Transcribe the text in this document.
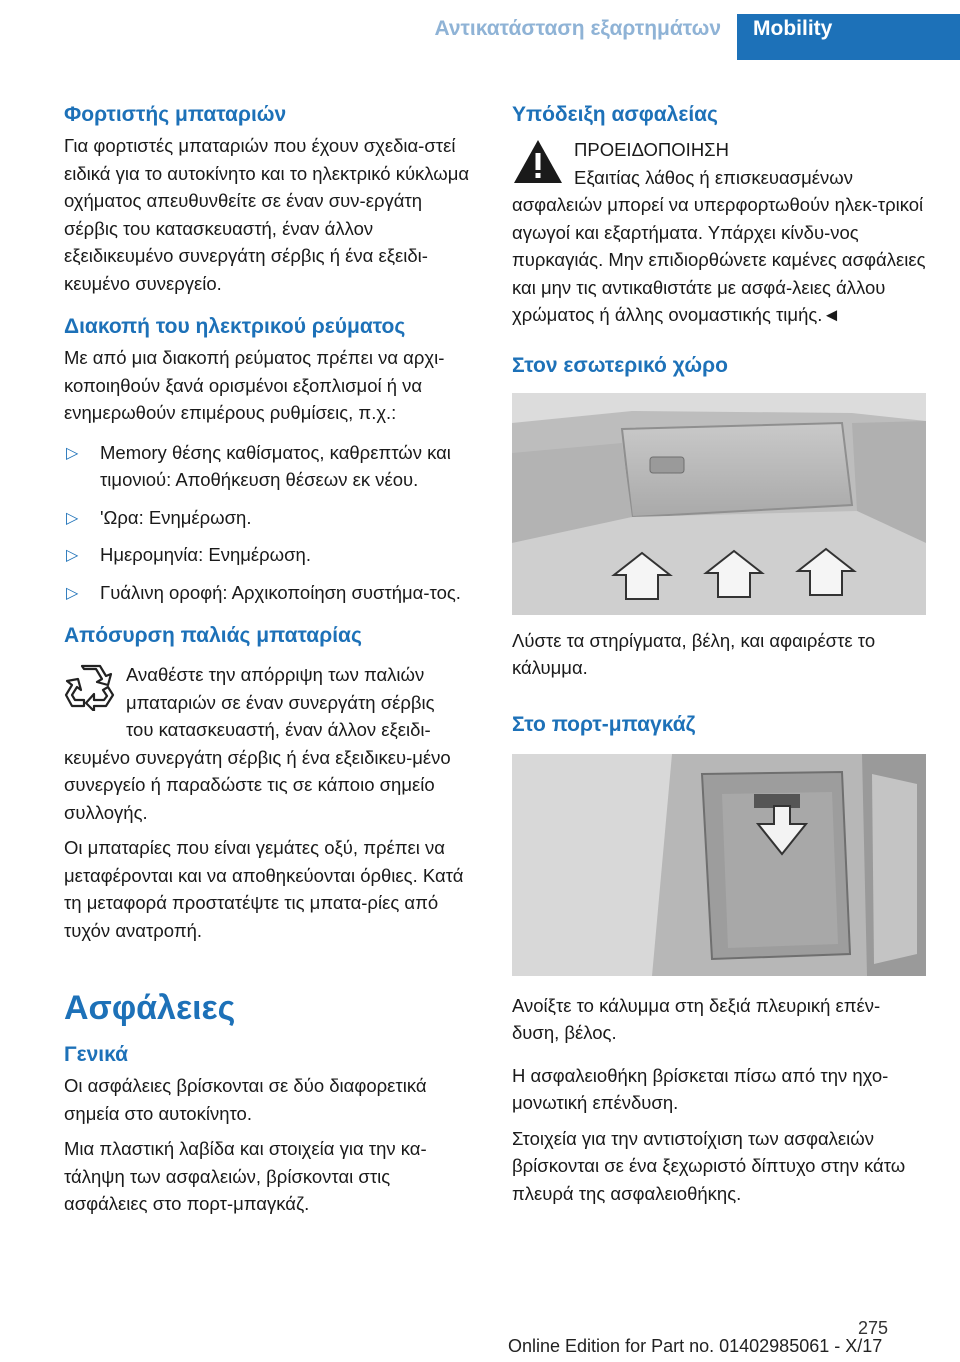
Αντικατάσταση εξαρτημάτων	Mobility
Φορτιστής μπαταριών

Για φορτιστές μπαταριών που έχουν σχεδια-στεί ειδικά για το αυτοκίνητο και το ηλεκτρικό κύκλωμα οχήματος απευθυνθείτε σε έναν συν-εργάτη σέρβις του κατασκευαστή, έναν άλλον εξειδικευμένο συνεργάτη σέρβις ή ένα εξειδι-κευμένο συνεργείο.

Διακοπή του ηλεκτρικού ρεύματος

Με από μια διακοπή ρεύματος πρέπει να αρχι-κοποιηθούν ξανά ορισμένοι εξοπλισμοί ή να ενημερωθούν επιμέρους ρυθμίσεις, π.χ.:

▷ Memory θέσης καθίσματος, καθρεπτών και τιμονιού: Αποθήκευση θέσεων εκ νέου.
▷ 'Ωρα: Ενημέρωση.
▷ Ημερομηνία: Ενημέρωση.
▷ Γυάλινη οροφή: Αρχικοποίηση συστήμα-τος.
Απόσυρση παλιάς μπαταρίας

Αναθέστε την απόρριψη των παλιών

μπαταριών σε έναν συνεργάτη σέρβις

του κατασκευαστή, έναν άλλον εξειδι-

κευμένο συνεργάτη σέρβις ή ένα εξειδικευ-μένο συνεργείο ή παραδώστε τις σε κάποιο σημείο συλλογής.

Οι μπαταρίες που είναι γεμάτες οξύ, πρέπει να μεταφέρονται και να αποθηκεύονται όρθιες. Κατά τη μεταφορά προστατέψτε τις μπατα-ρίες από τυχόν ανατροπή.

Ασφάλειες
Γενικά

Οι ασφάλειες βρίσκονται σε δύο διαφορετικά σημεία στο αυτοκίνητο.

Μια πλαστική λαβίδα και στοιχεία για την κα-τάληψη των ασφαλειών, βρίσκονται στις ασφάλειες στο πορτ-μπαγκάζ.

Υπόδειξη ασφαλείας

ΠΡΟΕΙΔΟΠΟΙΗΣΗ

Εξαιτίας λάθος ή επισκευασμένων

ασφαλειών μπορεί να υπερφορτωθούν ηλεκ-τρικοί αγωγοί και εξαρτήματα. Υπάρχει κίνδυ-νος πυρκαγιάς. Μην επιδιορθώνετε καμένες ασφάλειες και μην τις αντικαθιστάτε με ασφά-λειες άλλου χρώματος ή άλλης ονομαστικής τιμής.◄

Στον εσωτερικό χώρο

Λύστε τα στηρίγματα, βέλη, και αφαιρέστε το κάλυμμα.

Στο πορτ-μπαγκάζ

Ανοίξτε το κάλυμμα στη δεξιά πλευρική επέν-δυση, βέλος.

Η ασφαλειοθήκη βρίσκεται πίσω από την ηχο-μονωτική επένδυση.

Στοιχεία για την αντιστοίχιση των ασφαλειών βρίσκονται σε ένα ξεχωριστό δίπτυχο στην κάτω πλευρά της ασφαλειοθήκης.

275
Online Edition for Part no. 01402985061 - X/17
